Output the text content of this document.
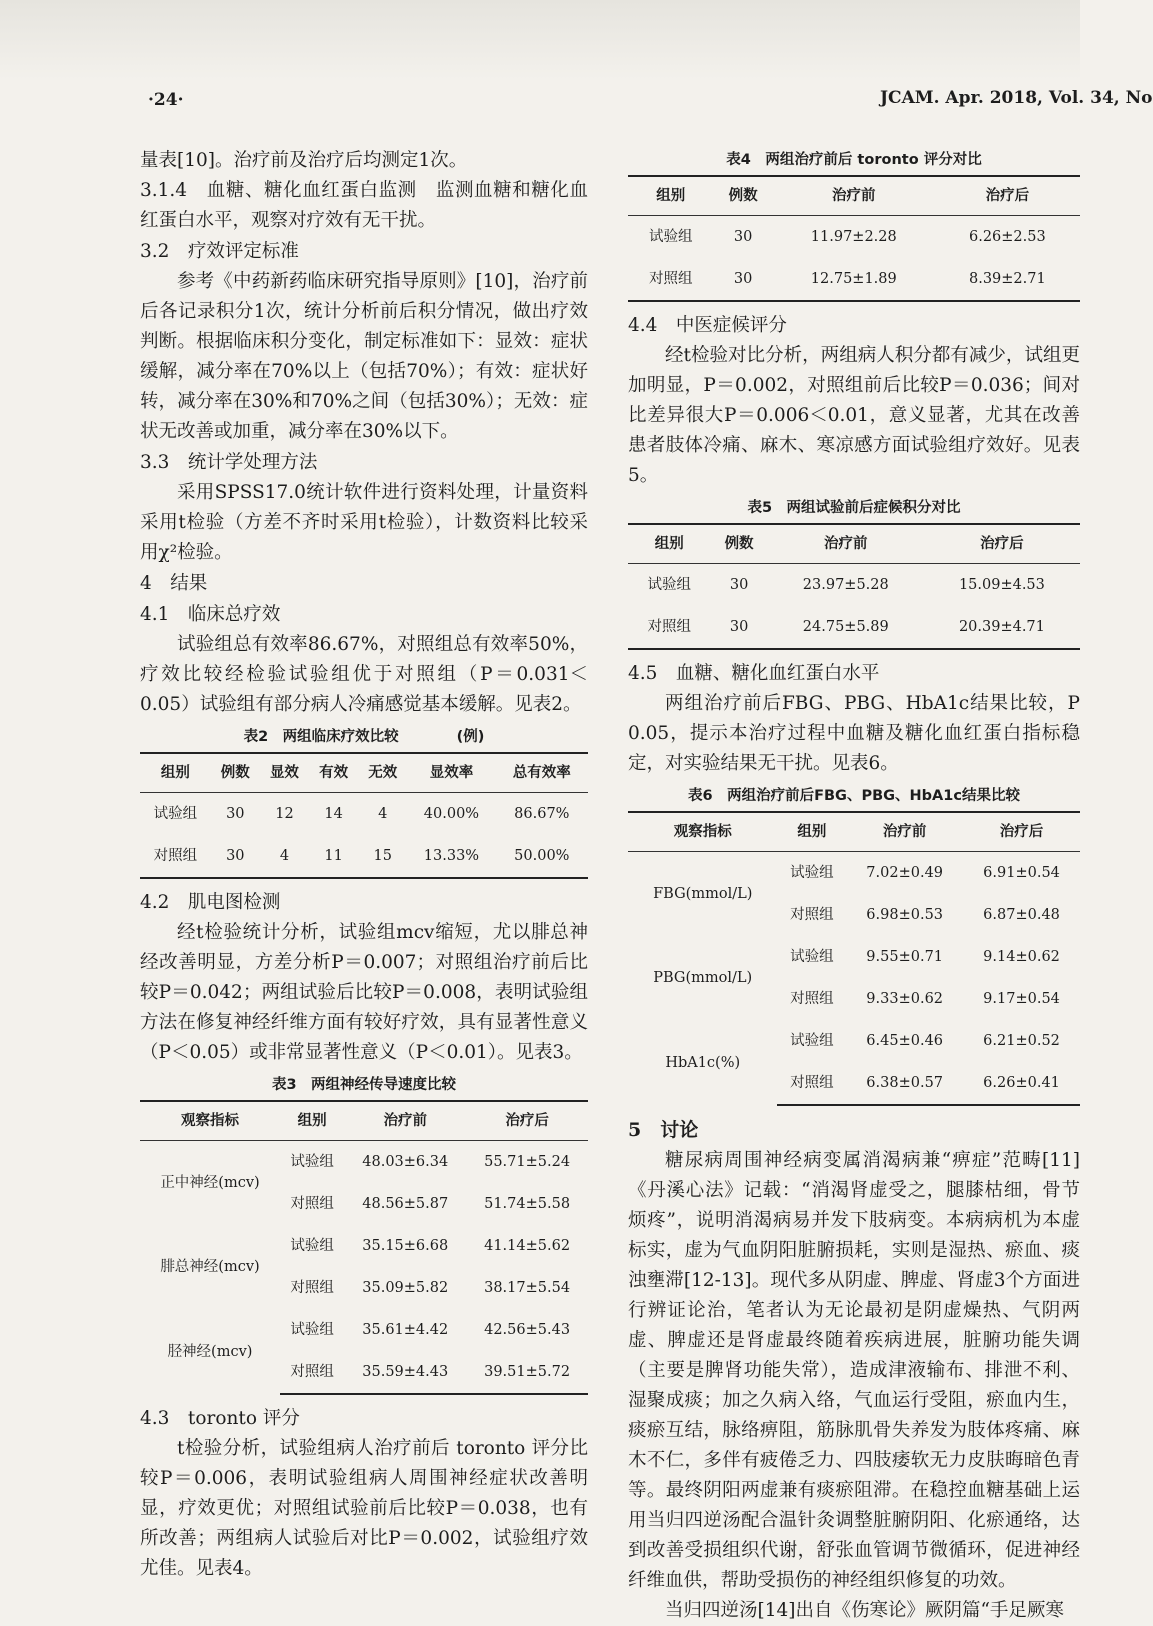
·24·	JCAM. Apr. 2018, Vol. 34, No

量表[10]。治疗前及治疗后均测定1次。

3.1.4　血糖、糖化血红蛋白监测　监测血糖和糖化血红蛋白水平，观察对疗效有无干扰。

3.2　疗效评定标准

参考《中药新药临床研究指导原则》[10]，治疗前后各记录积分1次，统计分析前后积分情况，做出疗效判断。根据临床积分变化，制定标准如下：显效：症状缓解，减分率在70%以上（包括70%）；有效：症状好转，减分率在30%和70%之间（包括30%）；无效：症状无改善或加重，减分率在30%以下。

3.3　统计学处理方法

采用SPSS17.0统计软件进行资料处理，计量资料采用t检验（方差不齐时采用t检验），计数资料比较采用χ²检验。

4　结果
4.1　临床总疗效

试验组总有效率86.67%，对照组总有效率50%，疗效比较经检验试验组优于对照组（P＝0.031＜0.05）试验组有部分病人冷痛感觉基本缓解。见表2。

表2　两组临床疗效比较　　　　(例)
组别	例数	显效	有效	无效	显效率	总有效率
试验组	30	12	14	4	40.00%	86.67%
对照组	30	4	11	15	13.33%	50.00%
4.2　肌电图检测

经t检验统计分析，试验组mcv缩短，尤以腓总神经改善明显，方差分析P＝0.007；对照组治疗前后比较P＝0.042；两组试验后比较P＝0.008，表明试验组方法在修复神经纤维方面有较好疗效，具有显著性意义（P＜0.05）或非常显著性意义（P＜0.01）。见表3。

表3　两组神经传导速度比较
观察指标	组别	治疗前	治疗后
正中神经(mcv)	试验组	48.03±6.34	55.71±5.24
	对照组	48.56±5.87	51.74±5.58
腓总神经(mcv)	试验组	35.15±6.68	41.14±5.62
	对照组	35.09±5.82	38.17±5.54
胫神经(mcv)	试验组	35.61±4.42	42.56±5.43
	对照组	35.59±4.43	39.51±5.72
4.3　toronto 评分

t检验分析，试验组病人治疗前后 toronto 评分比较P＝0.006，表明试验组病人周围神经症状改善明显，疗效更优；对照组试验前后比较P＝0.038，也有所改善；两组病人试验后对比P＝0.002，试验组疗效尤佳。见表4。

表4　两组治疗前后 toronto 评分对比
组别	例数	治疗前	治疗后
试验组	30	11.97±2.28	6.26±2.53
对照组	30	12.75±1.89	8.39±2.71
4.4　中医症候评分

经t检验对比分析，两组病人积分都有减少，试组更加明显，P＝0.002，对照组前后比较P＝0.036；间对比差异很大P＝0.006＜0.01，意义显著，尤其在改善患者肢体冷痛、麻木、寒凉感方面试验组疗效好。见表5。

表5　两组试验前后症候积分对比
组别	例数	治疗前	治疗后
试验组	30	23.97±5.28	15.09±4.53
对照组	30	24.75±5.89	20.39±4.71
4.5　血糖、糖化血红蛋白水平

两组治疗前后FBG、PBG、HbA1c结果比较，P　0.05，提示本治疗过程中血糖及糖化血红蛋白指标稳定，对实验结果无干扰。见表6。

表6　两组治疗前后FBG、PBG、HbA1c结果比较
观察指标	组别	治疗前	治疗后
FBG(mmol/L)	试验组	7.02±0.49	6.91±0.54
	对照组	6.98±0.53	6.87±0.48
PBG(mmol/L)	试验组	9.55±0.71	9.14±0.62
	对照组	9.33±0.62	9.17±0.54
HbA1c(%)	试验组	6.45±0.46	6.21±0.52
	对照组	6.38±0.57	6.26±0.41
5　讨论

糖尿病周围神经病变属消渴病兼“痹症”范畴[11]《丹溪心法》记载：“消渴肾虚受之，腿膝枯细，骨节烦疼”，说明消渴病易并发下肢病变。本病病机为本虚标实，虚为气血阴阳脏腑损耗，实则是湿热、瘀血、痰浊壅滞[12-13]。现代多从阴虚、脾虚、肾虚3个方面进行辨证论治，笔者认为无论最初是阴虚燥热、气阴两虚、脾虚还是肾虚最终随着疾病进展，脏腑功能失调（主要是脾肾功能失常），造成津液输布、排泄不利、湿聚成痰；加之久病入络，气血运行受阻，瘀血内生，痰瘀互结，脉络痹阻，筋脉肌骨失养发为肢体疼痛、麻木不仁，多伴有疲倦乏力、四肢痿软无力皮肤晦暗色青等。最终阴阳两虚兼有痰瘀阻滞。在稳控血糖基础上运用当归四逆汤配合温针灸调整脏腑阴阳、化瘀通络，达到改善受损组织代谢，舒张血管调节微循环，促进神经纤维血供，帮助受损伤的神经组织修复的功效。

当归四逆汤[14]出自《伤寒论》厥阴篇“手足厥寒
